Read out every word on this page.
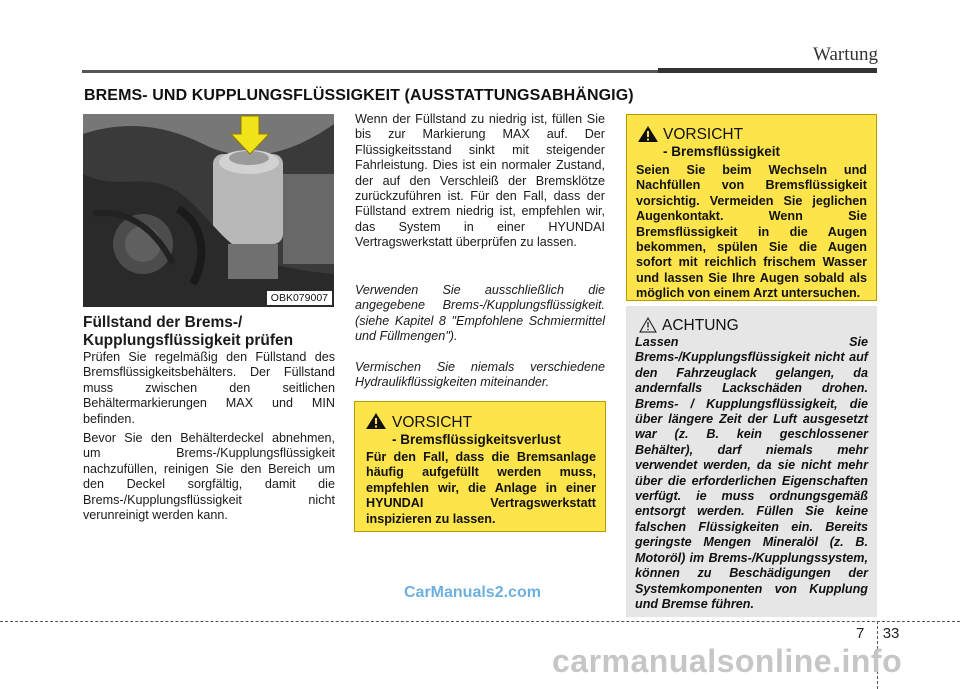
Wartung
BREMS- UND KUPPLUNGSFLÜSSIGKEIT (AUSSTATTUNGSABHÄNGIG)
OBK079007
Füllstand der Brems-/ Kupplungsflüssigkeit prüfen
Prüfen Sie regelmäßig den Füllstand des Bremsflüssigkeitsbehälters. Der Füllstand muss zwischen den seitlichen Behältermarkierungen MAX und MIN befinden.
Bevor Sie den Behälterdeckel abnehmen, um Brems-/Kupplungsflüssigkeit nachzufüllen, reinigen Sie den Bereich um den Deckel sorgfältig, damit die Brems-/Kupplungsflüssigkeit nicht verunreinigt werden kann.
Wenn der Füllstand zu niedrig ist, füllen Sie bis zur Markierung MAX auf. Der Flüssigkeitsstand sinkt mit steigender Fahrleistung. Dies ist ein normaler Zustand, der auf den Verschleiß der Bremsklötze zurückzuführen ist. Für den Fall, dass der Füllstand extrem niedrig ist, empfehlen wir, das System in einer HYUNDAI Vertragswerkstatt überprüfen zu lassen.
Verwenden Sie ausschließlich die angegebene Brems-/Kupplungsflüssigkeit. (siehe Kapitel 8 "Empfohlene Schmiermittel und Füllmengen").
Vermischen Sie niemals verschiedene Hydraulikflüssigkeiten miteinander.
VORSICHT
- Bremsflüssigkeitsverlust
Für den Fall, dass die Bremsanlage häufig aufgefüllt werden muss, empfehlen wir, die Anlage in einer HYUNDAI Vertragswerkstatt inspizieren zu lassen.
VORSICHT
- Bremsflüssigkeit
Seien Sie beim Wechseln und Nachfüllen von Bremsflüssigkeit vorsichtig. Vermeiden Sie jeglichen Augenkontakt. Wenn Sie Bremsflüssigkeit in die Augen bekommen, spülen Sie die Augen sofort mit reichlich frischem Wasser und lassen Sie Ihre Augen sobald als möglich von einem Arzt untersuchen.
ACHTUNG
Lassen Sie Brems-/Kupplungsflüssigkeit nicht auf den Fahrzeuglack gelangen, da andernfalls Lackschäden drohen. Brems- / Kupplungsflüssigkeit, die über längere Zeit der Luft ausgesetzt war (z. B. kein geschlossener Behälter), darf niemals mehr verwendet werden, da sie nicht mehr über die erforderlichen Eigenschaften verfügt. ie muss ordnungsgemäß entsorgt werden. Füllen Sie keine falschen Flüssigkeiten ein. Bereits geringste Mengen Mineralöl (z. B. Motoröl) im Brems-/Kupplungssystem, können zu Beschädigungen der Systemkomponenten von Kupplung und Bremse führen.
CarManuals2.com
7 33
carmanualsonline.info
